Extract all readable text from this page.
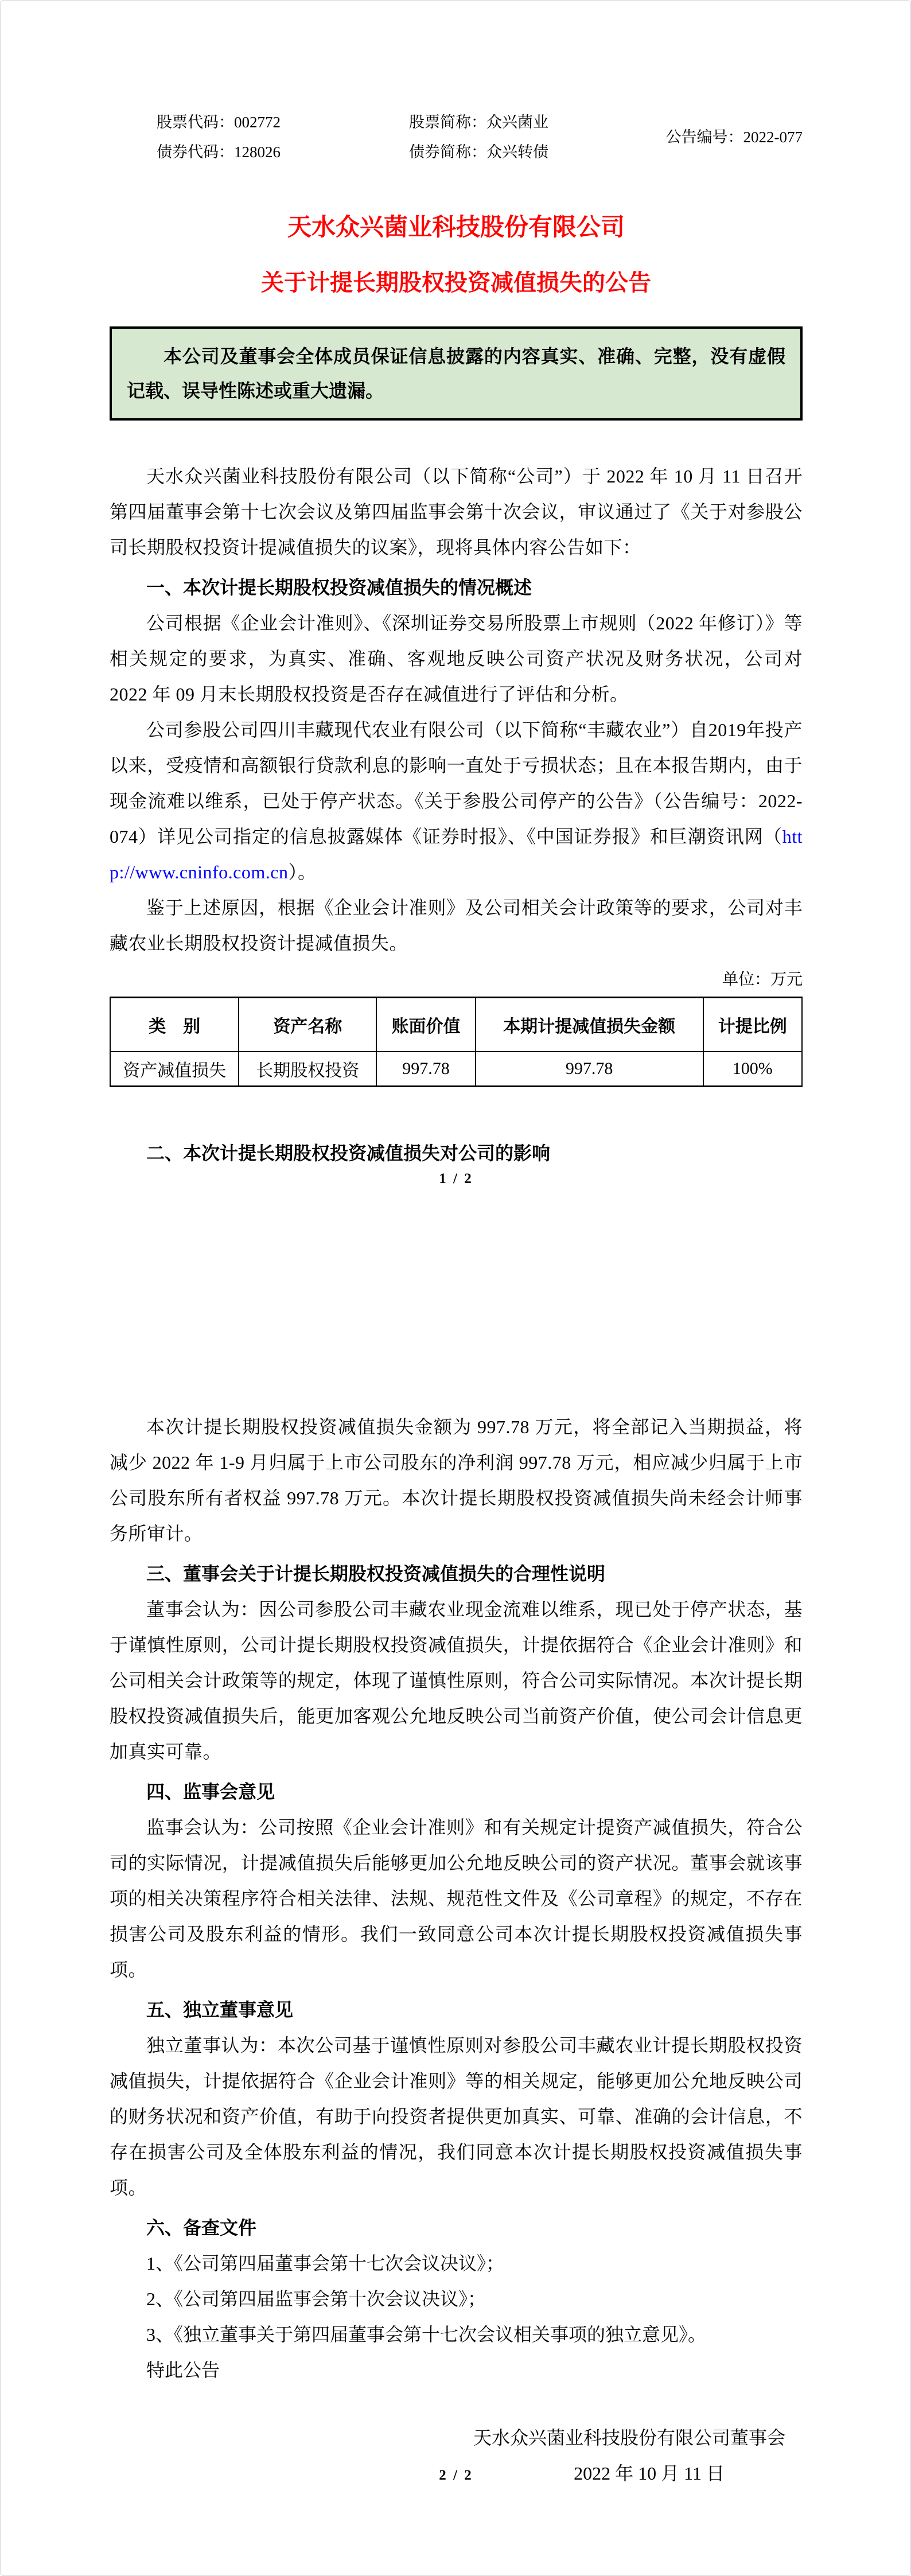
股票代码：002772	股票简称：众兴菌业
债券代码：128026	债券简称：众兴转债
公告编号：2022-077
天水众兴菌业科技股份有限公司
关于计提长期股权投资减值损失的公告
本公司及董事会全体成员保证信息披露的内容真实、准确、完整，没有虚假记载、误导性陈述或重大遗漏。

天水众兴菌业科技股份有限公司（以下简称“公司”）于 2022 年 10 月 11 日召开第四届董事会第十七次会议及第四届监事会第十次会议，审议通过了《关于对参股公司长期股权投资计提减值损失的议案》，现将具体内容公告如下：

一、本次计提长期股权投资减值损失的情况概述

公司根据《企业会计准则》、《深圳证券交易所股票上市规则（2022 年修订）》等相关规定的要求，为真实、准确、客观地反映公司资产状况及财务状况，公司对 2022 年 09 月末长期股权投资是否存在减值进行了评估和分析。

公司参股公司四川丰藏现代农业有限公司（以下简称“丰藏农业”）自2019年投产以来，受疫情和高额银行贷款利息的影响一直处于亏损状态；且在本报告期内，由于现金流难以维系，已处于停产状态。《关于参股公司停产的公告》（公告编号：2022-074）详见公司指定的信息披露媒体《证券时报》、《中国证券报》和巨潮资讯网（http://www.cninfo.com.cn）。

鉴于上述原因，根据《企业会计准则》及公司相关会计政策等的要求，公司对丰藏农业长期股权投资计提减值损失。

单位：万元
类　别	资产名称	账面价值	本期计提减值损失金额	计提比例
资产减值损失	长期股权投资	997.78	997.78	100%

二、本次计提长期股权投资减值损失对公司的影响

1 / 2

本次计提长期股权投资减值损失金额为 997.78 万元，将全部记入当期损益，将减少 2022 年 1-9 月归属于上市公司股东的净利润 997.78 万元，相应减少归属于上市公司股东所有者权益 997.78 万元。本次计提长期股权投资减值损失尚未经会计师事务所审计。

三、董事会关于计提长期股权投资减值损失的合理性说明

董事会认为：因公司参股公司丰藏农业现金流难以维系，现已处于停产状态，基于谨慎性原则，公司计提长期股权投资减值损失，计提依据符合《企业会计准则》和公司相关会计政策等的规定，体现了谨慎性原则，符合公司实际情况。本次计提长期股权投资减值损失后，能更加客观公允地反映公司当前资产价值，使公司会计信息更加真实可靠。

四、监事会意见

监事会认为：公司按照《企业会计准则》和有关规定计提资产减值损失，符合公司的实际情况，计提减值损失后能够更加公允地反映公司的资产状况。董事会就该事项的相关决策程序符合相关法律、法规、规范性文件及《公司章程》的规定，不存在损害公司及股东利益的情形。我们一致同意公司本次计提长期股权投资减值损失事项。

五、独立董事意见

独立董事认为：本次公司基于谨慎性原则对参股公司丰藏农业计提长期股权投资减值损失，计提依据符合《企业会计准则》等的相关规定，能够更加公允地反映公司的财务状况和资产价值，有助于向投资者提供更加真实、可靠、准确的会计信息，不存在损害公司及全体股东利益的情况，我们同意本次计提长期股权投资减值损失事项。

六、备查文件

1、《公司第四届董事会第十七次会议决议》；

2、《公司第四届监事会第十次会议决议》；

3、《独立董事关于第四届董事会第十七次会议相关事项的独立意见》。

特此公告

天水众兴菌业科技股份有限公司董事会
2022 年 10 月 11 日
2 / 2
